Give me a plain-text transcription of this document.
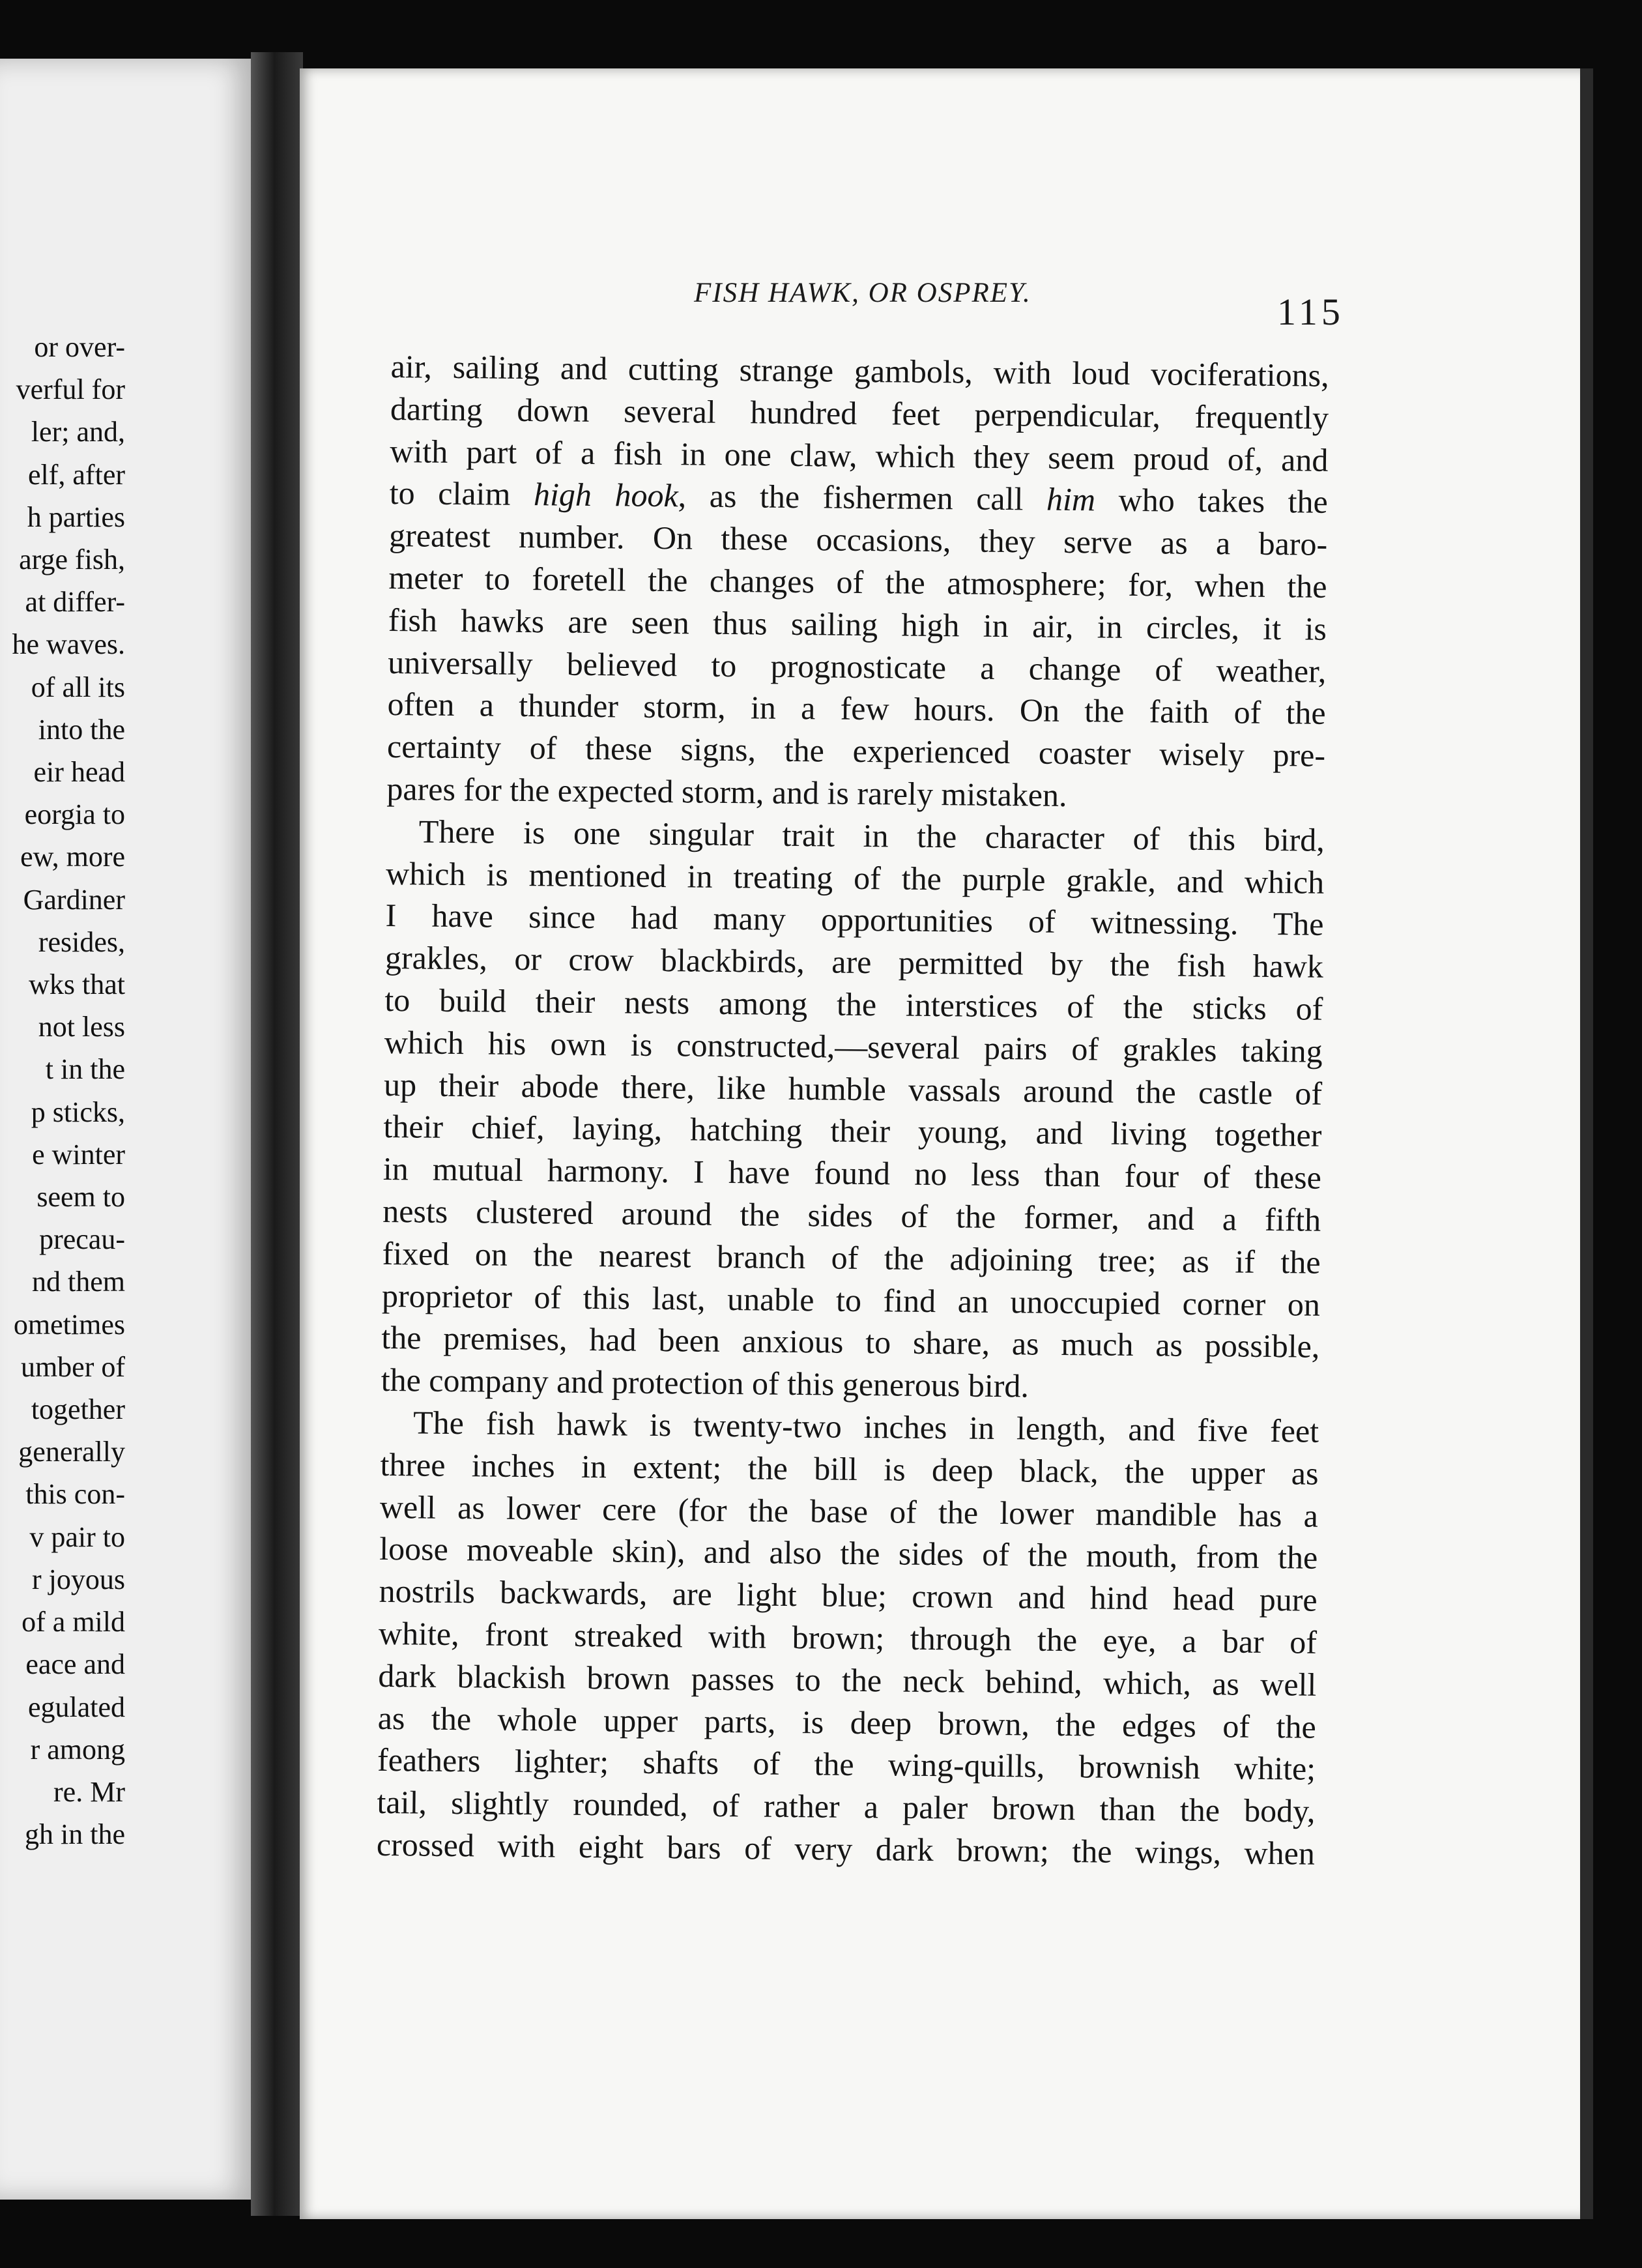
or over-
verful for
ler; and,
elf, after
h parties
arge fish,
at differ-
he waves.
of all its
into the
eir head
eorgia to
ew, more
Gardiner
resides,
wks that
not less
t in the
p sticks,
e winter
seem to
precau-
nd them
ometimes
umber of
together
generally
this con-
v pair to
r joyous
of a mild
eace and
egulated
r among
re. Mr
gh in the
FISH HAWK, OR OSPREY.	115
air, sailing and cutting strange gambols, with loud vociferations,
darting down several hundred feet perpendicular, frequently
with part of a fish in one claw, which they seem proud of, and
to claim high hook, as the fishermen call him who takes the
greatest number. On these occasions, they serve as a baro-
meter to foretell the changes of the atmosphere; for, when the
fish hawks are seen thus sailing high in air, in circles, it is
universally believed to prognosticate a change of weather,
often a thunder storm, in a few hours. On the faith of the
certainty of these signs, the experienced coaster wisely pre-
pares for the expected storm, and is rarely mistaken.
There is one singular trait in the character of this bird,
which is mentioned in treating of the purple grakle, and which
I have since had many opportunities of witnessing. The
grakles, or crow blackbirds, are permitted by the fish hawk
to build their nests among the interstices of the sticks of
which his own is constructed,—several pairs of grakles taking
up their abode there, like humble vassals around the castle of
their chief, laying, hatching their young, and living together
in mutual harmony. I have found no less than four of these
nests clustered around the sides of the former, and a fifth
fixed on the nearest branch of the adjoining tree; as if the
proprietor of this last, unable to find an unoccupied corner on
the premises, had been anxious to share, as much as possible,
the company and protection of this generous bird.
The fish hawk is twenty-two inches in length, and five feet
three inches in extent; the bill is deep black, the upper as
well as lower cere (for the base of the lower mandible has a
loose moveable skin), and also the sides of the mouth, from the
nostrils backwards, are light blue; crown and hind head pure
white, front streaked with brown; through the eye, a bar of
dark blackish brown passes to the neck behind, which, as well
as the whole upper parts, is deep brown, the edges of the
feathers lighter; shafts of the wing-quills, brownish white;
tail, slightly rounded, of rather a paler brown than the body,
crossed with eight bars of very dark brown; the wings, when
